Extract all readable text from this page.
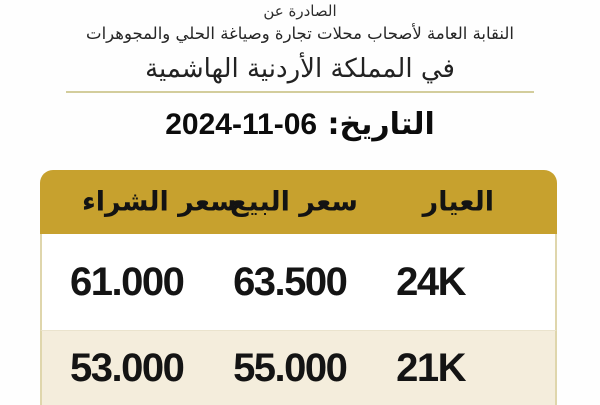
الصادرة عن
النقابة العامة لأصحاب محلات تجارة وصياغة الحلي والمجوهرات
في المملكة الأردنية الهاشمية
التاريخ: 06-11-2024
العيار
سعر البيع
سعر الشراء
24K
63.500
61.000
21K
55.000
53.000
